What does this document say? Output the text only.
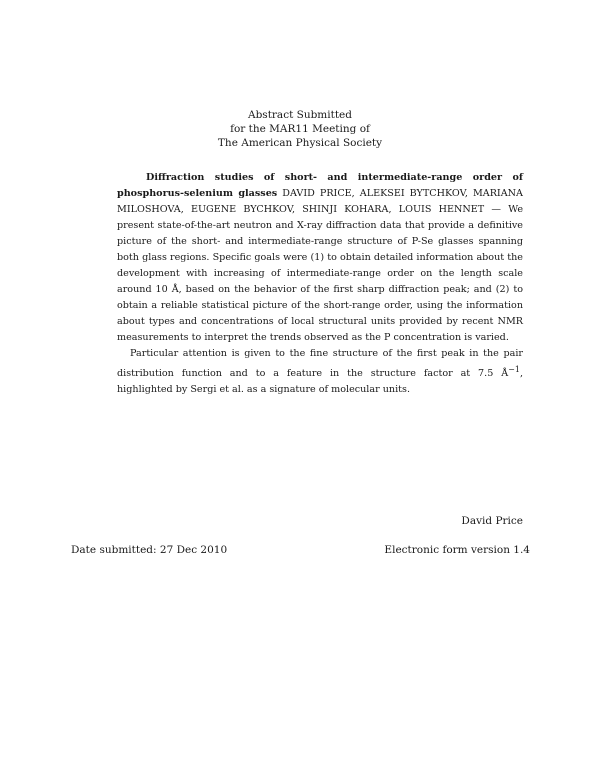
Abstract Submitted
for the MAR11 Meeting of
The American Physical Society

Diffraction studies of short- and intermediate-range order of phosphorus-selenium glasses DAVID PRICE, ALEKSEI BYTCHKOV, MARIANA MILOSHOVA, EUGENE BYCHKOV, SHINJI KOHARA, LOUIS HENNET — We present state-of-the-art neutron and X-ray diffraction data that provide a definitive picture of the short- and intermediate-range structure of P-Se glasses spanning both glass regions. Specific goals were (1) to obtain detailed information about the development with increasing of intermediate-range order on the length scale around 10 Å, based on the behavior of the first sharp diffraction peak; and (2) to obtain a reliable statistical picture of the short-range order, using the information about types and concentrations of local structural units provided by recent NMR measurements to interpret the trends observed as the P concentration is varied.

Particular attention is given to the fine structure of the first peak in the pair distribution function and to a feature in the structure factor at 7.5 $Å^{-1}$, highlighted by Sergi et al. as a signature of molecular units.

David Price
Date submitted: 27 Dec 2010	Electronic form version 1.4
